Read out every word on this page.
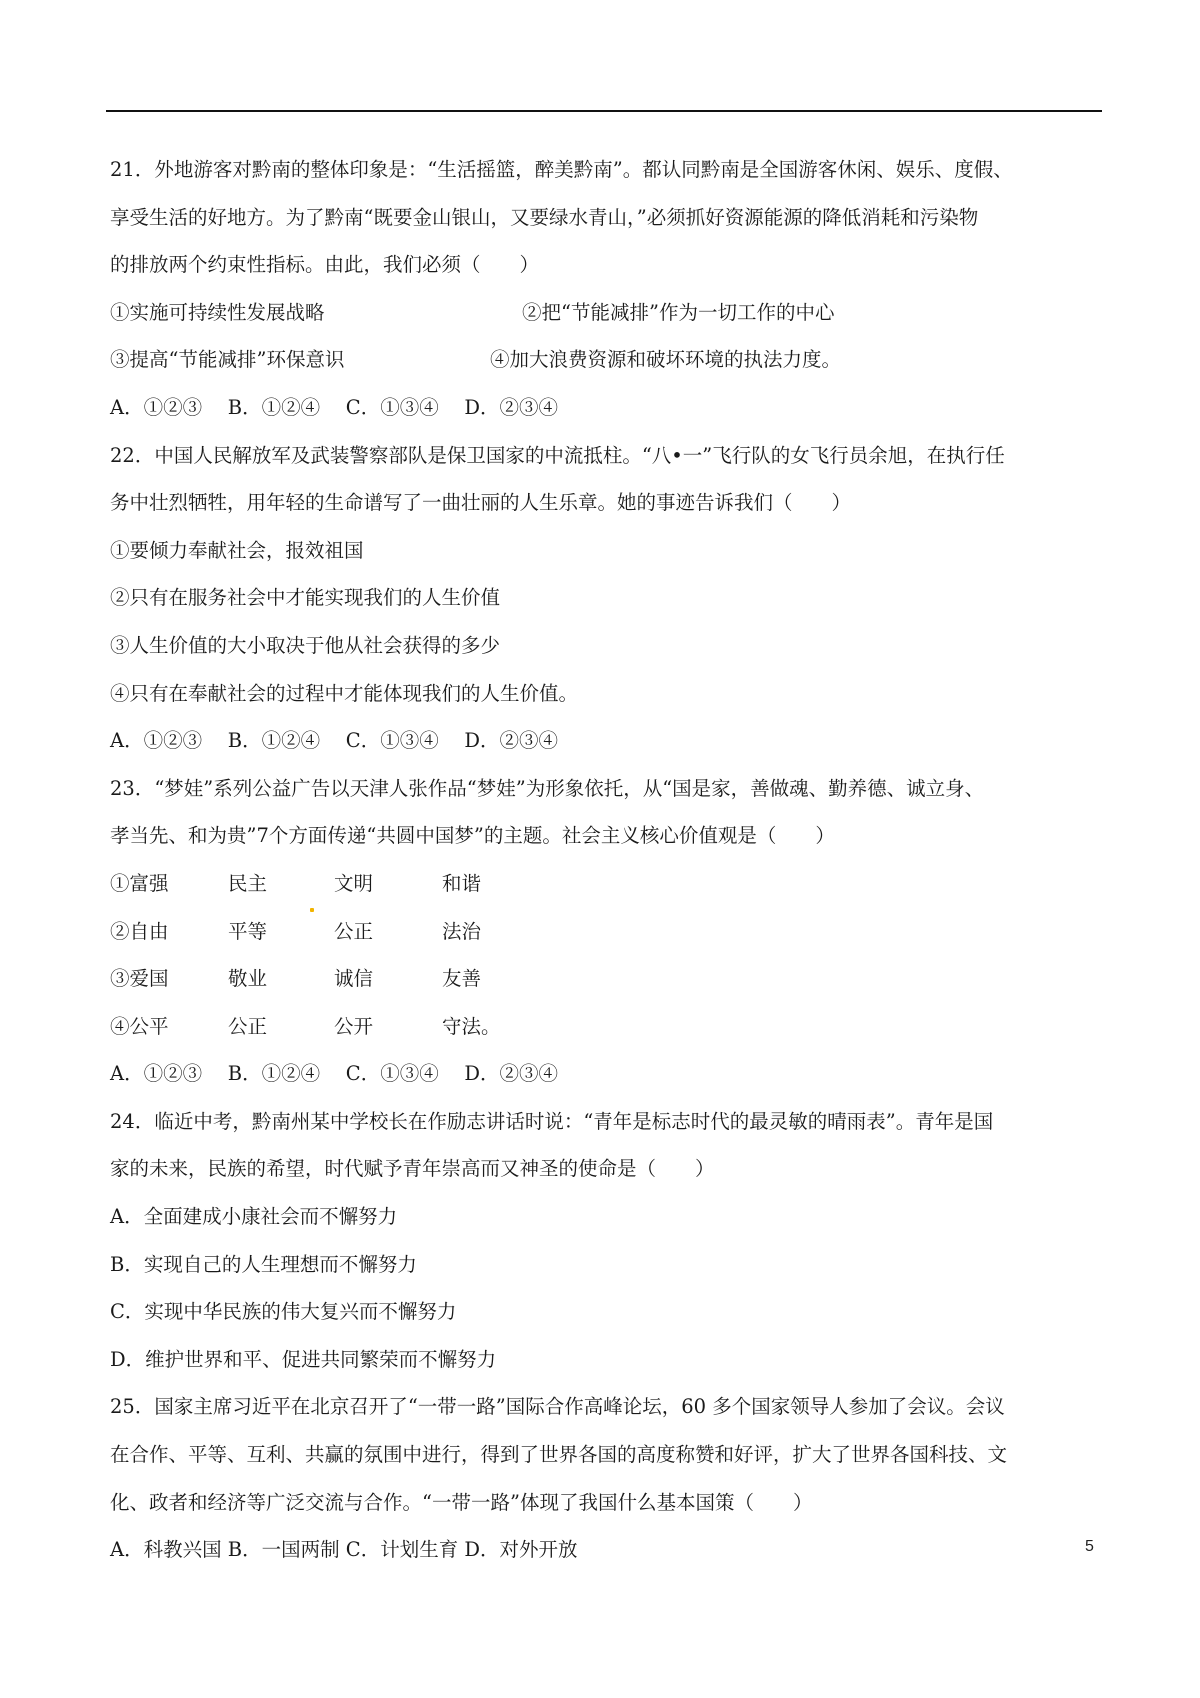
21．外地游客对黔南的整体印象是：“生活摇篮，醉美黔南”。都认同黔南是全国游客休闲、娱乐、度假、
享受生活的好地方。为了黔南“既要金山银山，又要绿水青山，”必须抓好资源能源的降低消耗和污染物
的排放两个约束性指标。由此，我们必须（　　）
①实施可持续性发展战略	②把“节能减排”作为一切工作的中心
③提高“节能减排”环保意识	④加大浪费资源和破坏环境的执法力度。
A．①②③　 B．①②④　 C．①③④　 D．②③④
22．中国人民解放军及武装警察部队是保卫国家的中流抵柱。“八•一”飞行队的女飞行员余旭，在执行任
务中壮烈牺牲，用年轻的生命谱写了一曲壮丽的人生乐章。她的事迹告诉我们（　　）
①要倾力奉献社会，报效祖国
②只有在服务社会中才能实现我们的人生价值
③人生价值的大小取决于他从社会获得的多少
④只有在奉献社会的过程中才能体现我们的人生价值。
A．①②③　 B．①②④　 C．①③④　 D．②③④
23．“梦娃”系列公益广告以天津人张作品“梦娃”为形象依托，从“国是家，善做魂、勤养德、诚立身、
孝当先、和为贵”7个方面传递“共圆中国梦”的主题。社会主义核心价值观是（　　）
①富强	民主	文明	和谐
②自由	平等	公正	法治
③爱国	敬业	诚信	友善
④公平	公正	公开	守法。
A．①②③　 B．①②④　 C．①③④　 D．②③④
24．临近中考，黔南州某中学校长在作励志讲话时说：“青年是标志时代的最灵敏的晴雨表”。青年是国
家的未来，民族的希望，时代赋予青年崇高而又神圣的使命是（　　）
A．全面建成小康社会而不懈努力
B．实现自己的人生理想而不懈努力
C．实现中华民族的伟大复兴而不懈努力
D．维护世界和平、促进共同繁荣而不懈努力
25．国家主席习近平在北京召开了“一带一路”国际合作高峰论坛，60 多个国家领导人参加了会议。会议
在合作、平等、互利、共赢的氛围中进行，得到了世界各国的高度称赞和好评，扩大了世界各国科技、文
化、政者和经济等广泛交流与合作。“一带一路”体现了我国什么基本国策（　　）
A．科教兴国 B．一国两制 C．计划生育 D．对外开放	5
